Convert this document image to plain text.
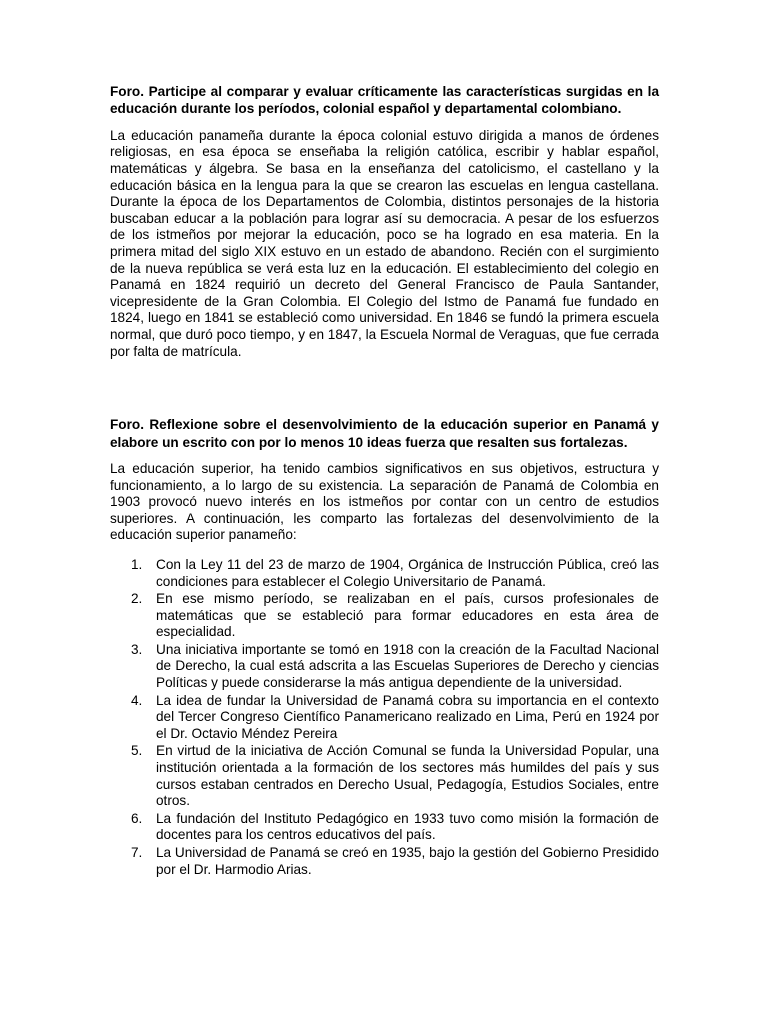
Foro. Participe al comparar y evaluar críticamente las características surgidas en la educación durante los períodos, colonial español y departamental colombiano.

La educación panameña durante la época colonial estuvo dirigida a manos de órdenes religiosas, en esa época se enseñaba la religión católica, escribir y hablar español, matemáticas y álgebra. Se basa en la enseñanza del catolicismo, el castellano y la educación básica en la lengua para la que se crearon las escuelas en lengua castellana. Durante la época de los Departamentos de Colombia, distintos personajes de la historia buscaban educar a la población para lograr así su democracia. A pesar de los esfuerzos de los istmeños por mejorar la educación, poco se ha logrado en esa materia. En la primera mitad del siglo XIX estuvo en un estado de abandono. Recién con el surgimiento de la nueva república se verá esta luz en la educación. El establecimiento del colegio en Panamá en 1824 requirió un decreto del General Francisco de Paula Santander, vicepresidente de la Gran Colombia. El Colegio del Istmo de Panamá fue fundado en 1824, luego en 1841 se estableció como universidad. En 1846 se fundó la primera escuela normal, que duró poco tiempo, y en 1847, la Escuela Normal de Veraguas, que fue cerrada por falta de matrícula.

Foro. Reflexione sobre el desenvolvimiento de la educación superior en Panamá y elabore un escrito con por lo menos 10 ideas fuerza que resalten sus fortalezas.

La educación superior, ha tenido cambios significativos en sus objetivos, estructura y funcionamiento, a lo largo de su existencia. La separación de Panamá de Colombia en 1903 provocó nuevo interés en los istmeños por contar con un centro de estudios superiores. A continuación, les comparto las fortalezas del desenvolvimiento de la educación superior panameño:

1.	Con la Ley 11 del 23 de marzo de 1904, Orgánica de Instrucción Pública, creó las condiciones para establecer el Colegio Universitario de Panamá.
2.	En ese mismo período, se realizaban en el país, cursos profesionales de matemáticas que se estableció para formar educadores en esta área de especialidad.
3.	Una iniciativa importante se tomó en 1918 con la creación de la Facultad Nacional de Derecho, la cual está adscrita a las Escuelas Superiores de Derecho y ciencias Políticas y puede considerarse la más antigua dependiente de la universidad.
4.	La idea de fundar la Universidad de Panamá cobra su importancia en el contexto del Tercer Congreso Científico Panamericano realizado en Lima, Perú en 1924 por el Dr. Octavio Méndez Pereira
5.	En virtud de la iniciativa de Acción Comunal se funda la Universidad Popular, una institución orientada a la formación de los sectores más humildes del país y sus cursos estaban centrados en Derecho Usual, Pedagogía, Estudios Sociales, entre otros.
6.	La fundación del Instituto Pedagógico en 1933 tuvo como misión la formación de docentes para los centros educativos del país.
7.	La Universidad de Panamá se creó en 1935, bajo la gestión del Gobierno Presidido por el Dr. Harmodio Arias.
